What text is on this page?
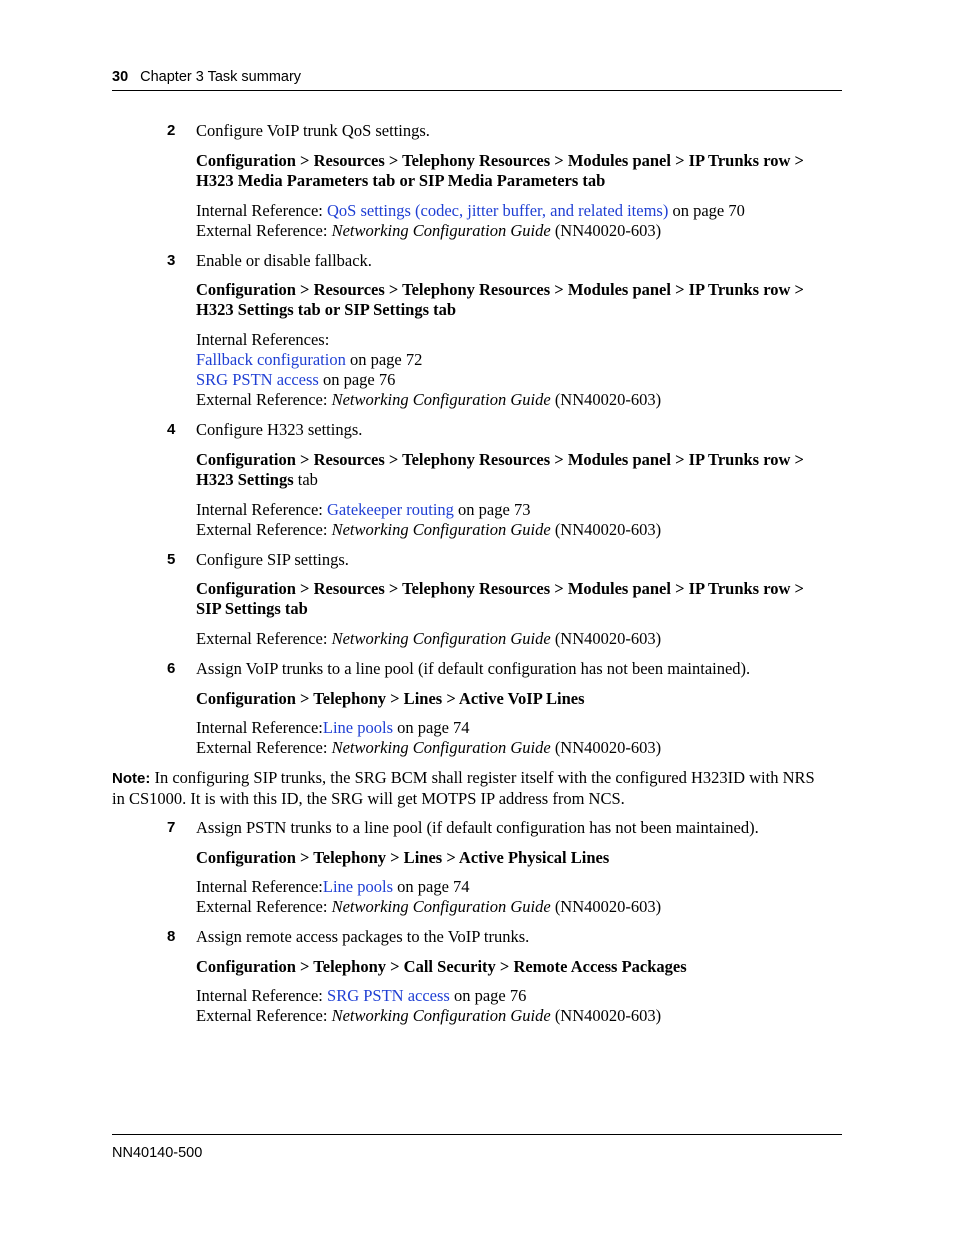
30 Chapter 3 Task summary
2 Configure VoIP trunk QoS settings.
Configuration > Resources > Telephony Resources > Modules panel > IP Trunks row >
H323 Media Parameters tab or SIP Media Parameters tab
Internal Reference: QoS settings (codec, jitter buffer, and related items) on page 70
External Reference: Networking Configuration Guide (NN40020-603)
3 Enable or disable fallback.
Configuration > Resources > Telephony Resources > Modules panel > IP Trunks row >
H323 Settings tab or SIP Settings tab
Internal References:
Fallback configuration on page 72
SRG PSTN access on page 76
External Reference: Networking Configuration Guide (NN40020-603)
4 Configure H323 settings.
Configuration > Resources > Telephony Resources > Modules panel > IP Trunks row >
H323 Settings tab
Internal Reference: Gatekeeper routing on page 73
External Reference: Networking Configuration Guide (NN40020-603)
5 Configure SIP settings.
Configuration > Resources > Telephony Resources > Modules panel > IP Trunks row >
SIP Settings tab
External Reference: Networking Configuration Guide (NN40020-603)
6 Assign VoIP trunks to a line pool (if default configuration has not been maintained).
Configuration > Telephony > Lines > Active VoIP Lines
Internal Reference:Line pools on page 74
External Reference: Networking Configuration Guide (NN40020-603)
Note: In configuring SIP trunks, the SRG BCM shall register itself with the configured H323ID with NRS
in CS1000. It is with this ID, the SRG will get MOTPS IP address from NCS.
7 Assign PSTN trunks to a line pool (if default configuration has not been maintained).
Configuration > Telephony > Lines > Active Physical Lines
Internal Reference:Line pools on page 74
External Reference: Networking Configuration Guide (NN40020-603)
8 Assign remote access packages to the VoIP trunks.
Configuration > Telephony > Call Security > Remote Access Packages
Internal Reference: SRG PSTN access on page 76
External Reference: Networking Configuration Guide (NN40020-603)
NN40140-500
